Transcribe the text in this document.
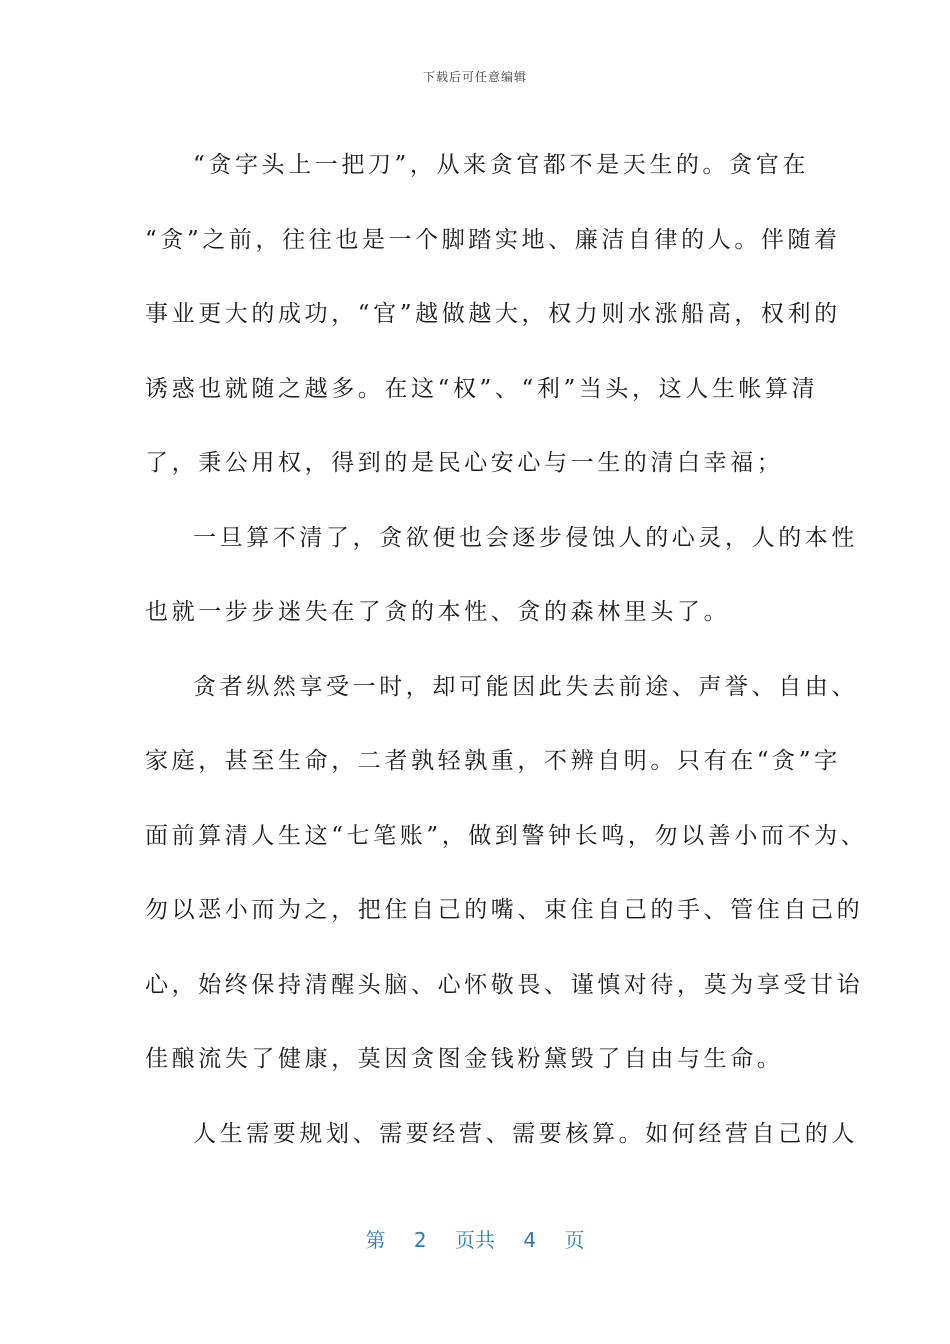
下载后可任意编辑

“贪字头上一把刀”，从来贪官都不是天生的。贪官在
“贪”之前，往往也是一个脚踏实地、廉洁自律的人。伴随着
事业更大的成功，“官”越做越大，权力则水涨船高，权利的
诱惑也就随之越多。在这“权”、“利”当头，这人生帐算清
了，秉公用权，得到的是民心安心与一生的清白幸福；

一旦算不清了，贪欲便也会逐步侵蚀人的心灵，人的本性
也就一步步迷失在了贪的本性、贪的森林里头了。

贪者纵然享受一时，却可能因此失去前途、声誉、自由、
家庭，甚至生命，二者孰轻孰重，不辨自明。只有在“贪”字
面前算清人生这“七笔账”，做到警钟长鸣，勿以善小而不为、
勿以恶小而为之，把住自己的嘴、束住自己的手、管住自己的
心，始终保持清醒头脑、心怀敬畏、谨慎对待，莫为享受甘诒
佳酿流失了健康，莫因贪图金钱粉黛毁了自由与生命。

人生需要规划、需要经营、需要核算。如何经营自己的人

第 2 页共 4 页
